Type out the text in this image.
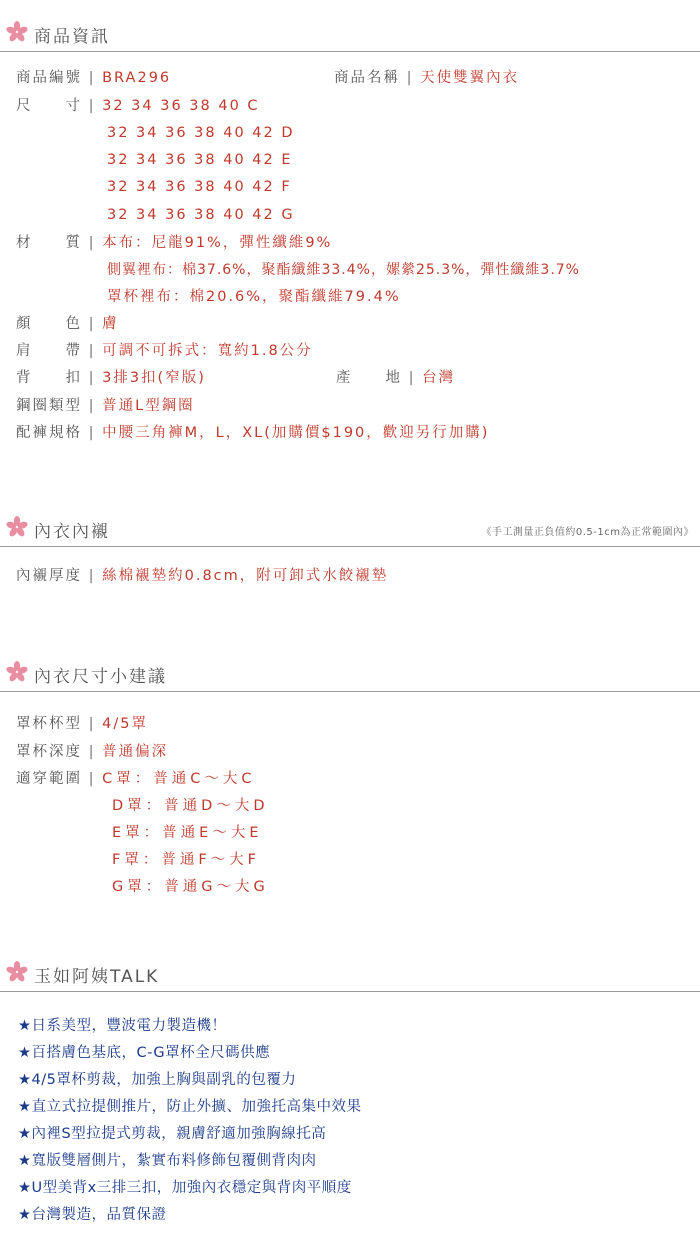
商品資訊
商品編號 | BRA296	商品名稱 | 天使雙翼內衣
尺　　寸 | 32 34 36 38 40 C
32 34 36 38 40 42 D
32 34 36 38 40 42 E
32 34 36 38 40 42 F
32 34 36 38 40 42 G
材　　質 | 本布：尼龍91%，彈性纖維9%
側翼裡布：棉37.6%，聚酯纖維33.4%，嫘縈25.3%，彈性纖維3.7%
罩杯裡布：棉20.6%，聚酯纖維79.4%
顏　　色 | 膚
肩　　帶 | 可調不可拆式：寬約1.8公分
背　　扣 | 3排3扣(窄版)	產　　地 | 台灣
鋼圈類型 | 普通L型鋼圈
配褲規格 | 中腰三角褲M，L，XL(加購價$190，歡迎另行加購)
內衣內襯	《手工測量正負值約0.5-1cm為正常範圍內》
內襯厚度 | 絲棉襯墊約0.8cm，附可卸式水餃襯墊
內衣尺寸小建議
罩杯杯型 | 4/5罩
罩杯深度 | 普通偏深
適穿範圍 | C罩：普通C～大C
D罩：普通D～大D
E罩：普通E～大E
F罩：普通F～大F
G罩：普通G～大G
玉如阿姨TALK
★日系美型，豐波電力製造機！
★百搭膚色基底，C-G罩杯全尺碼供應
★4/5罩杯剪裁，加強上胸與副乳的包覆力
★直立式拉提側推片，防止外擴、加強托高集中效果
★內裡S型拉提式剪裁，親膚舒適加強胸線托高
★寬版雙層側片，紮實布料修飾包覆側背肉肉
★U型美背x三排三扣，加強內衣穩定與背肉平順度
★台灣製造，品質保證
